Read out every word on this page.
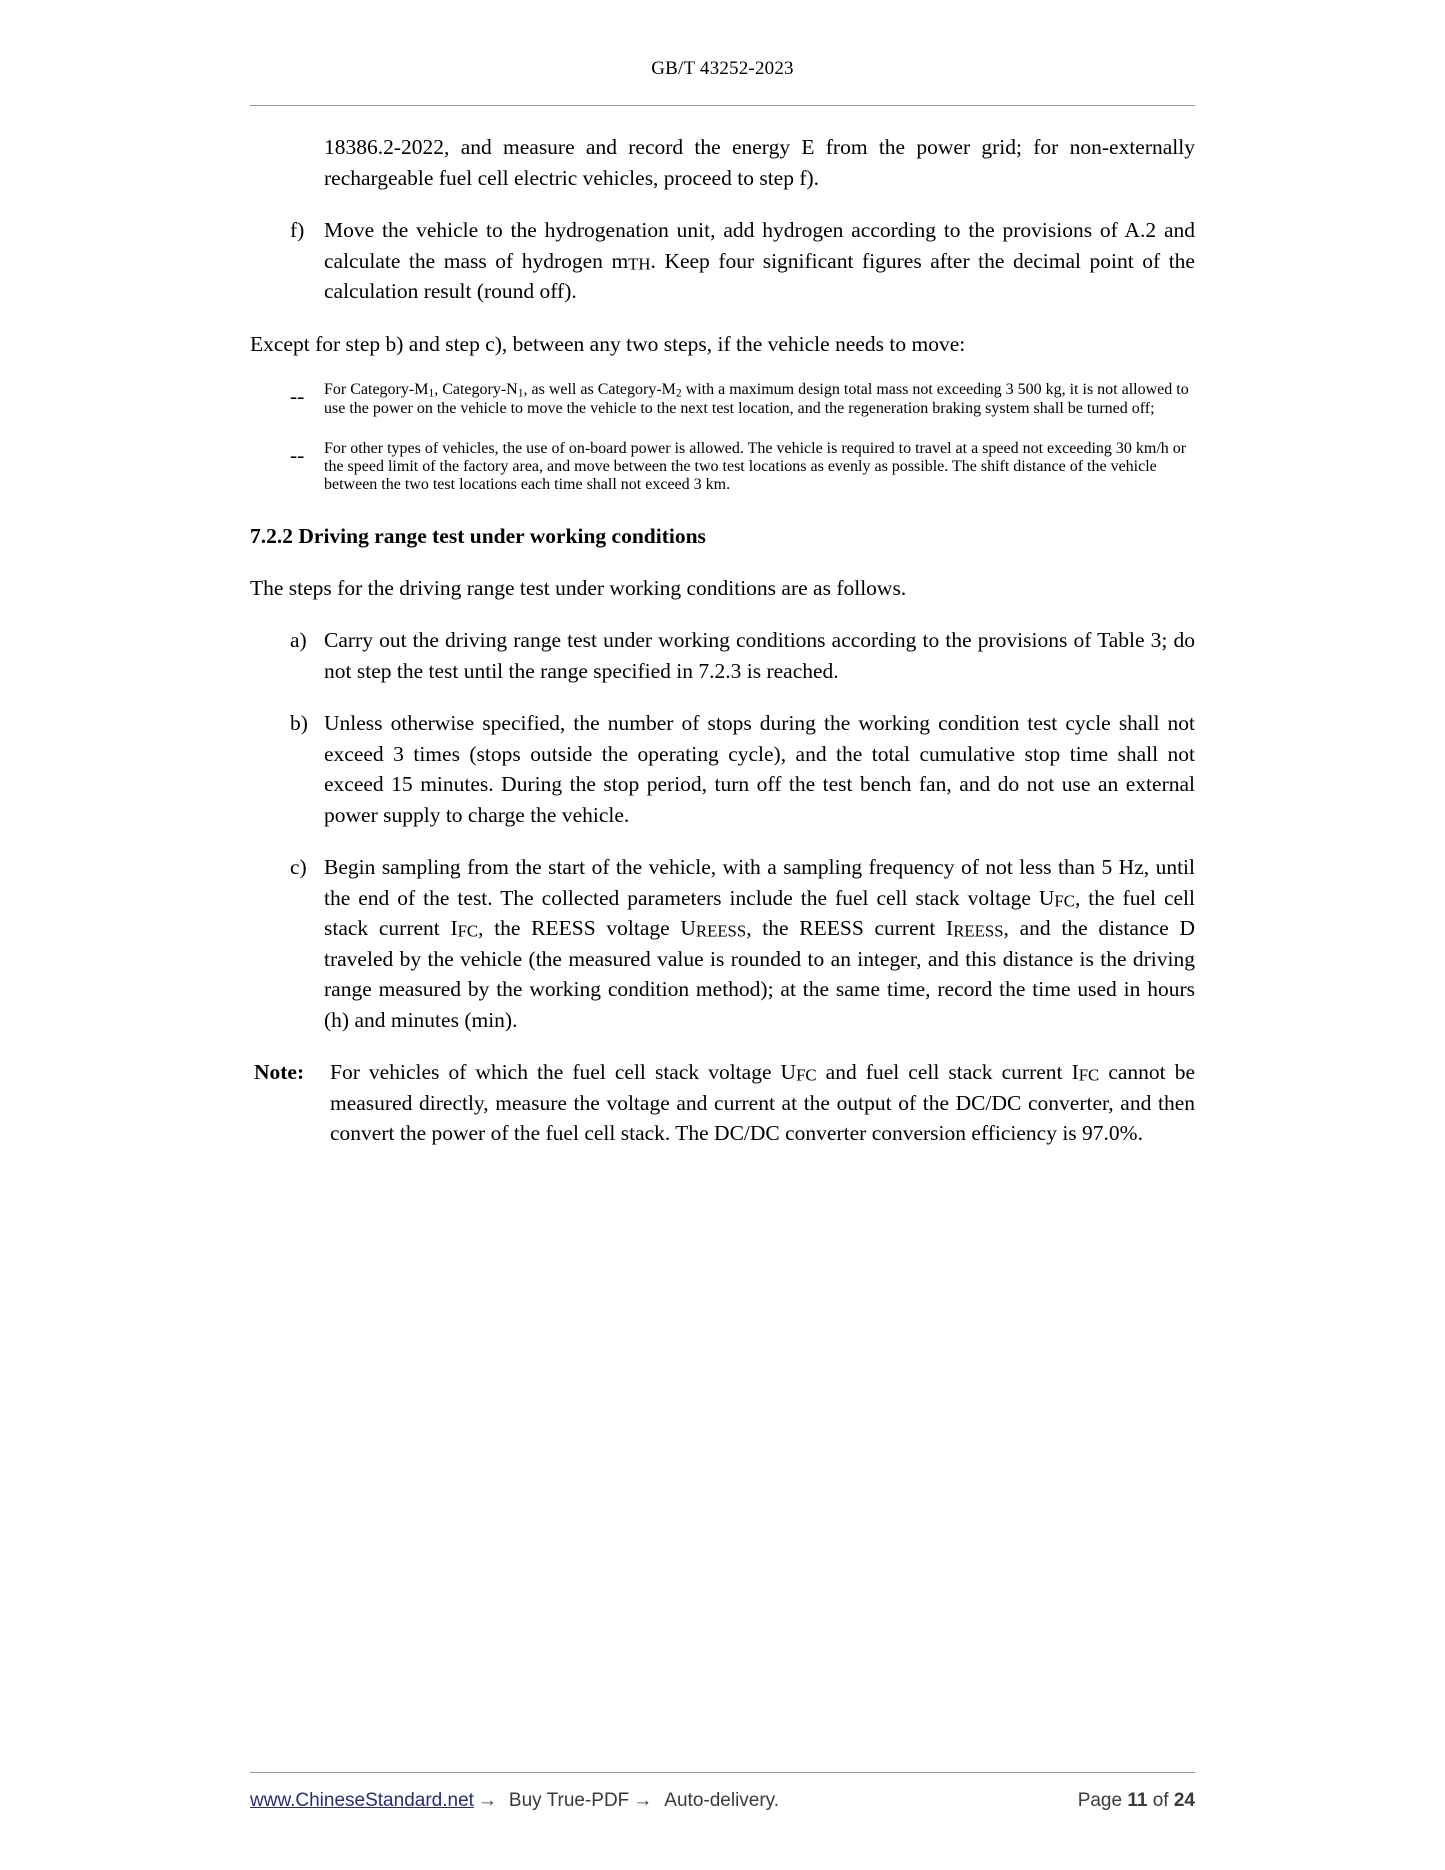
GB/T 43252-2023

18386.2-2022, and measure and record the energy E from the power grid; for non-externally rechargeable fuel cell electric vehicles, proceed to step f).

f) Move the vehicle to the hydrogenation unit, add hydrogen according to the provisions of A.2 and calculate the mass of hydrogen mTH. Keep four significant figures after the decimal point of the calculation result (round off).

Except for step b) and step c), between any two steps, if the vehicle needs to move:

--	For Category-$M_1$, Category-$N_1$, as well as Category-$M_2$ with a maximum design total mass not exceeding 3 500 kg, it is not allowed to use the power on the vehicle to move the vehicle to the next test location, and the regeneration braking system shall be turned off;
--	For other types of vehicles, the use of on-board power is allowed. The vehicle is required to travel at a speed not exceeding 30 km/h or the speed limit of the factory area, and move between the two test locations as evenly as possible. The shift distance of the vehicle between the two test locations each time shall not exceed 3 km.
7.2.2 Driving range test under working conditions

The steps for the driving range test under working conditions are as follows.

a) Carry out the driving range test under working conditions according to the provisions of Table 3; do not step the test until the range specified in 7.2.3 is reached.
b) Unless otherwise specified, the number of stops during the working condition test cycle shall not exceed 3 times (stops outside the operating cycle), and the total cumulative stop time shall not exceed 15 minutes. During the stop period, turn off the test bench fan, and do not use an external power supply to charge the vehicle.
c) Begin sampling from the start of the vehicle, with a sampling frequency of not less than 5 Hz, until the end of the test. The collected parameters include the fuel cell stack voltage UFC, the fuel cell stack current IFC, the REESS voltage UREESS, the REESS current IREESS, and the distance D traveled by the vehicle (the measured value is rounded to an integer, and this distance is the driving range measured by the working condition method); at the same time, record the time used in hours (h) and minutes (min).
Note:	For vehicles of which the fuel cell stack voltage UFC and fuel cell stack current IFC cannot be measured directly, measure the voltage and current at the output of the DC/DC converter, and then convert the power of the fuel cell stack. The DC/DC converter conversion efficiency is 97.0%.
www.ChineseStandard.net → Buy True-PDF → Auto-delivery.	Page 11 of 24
